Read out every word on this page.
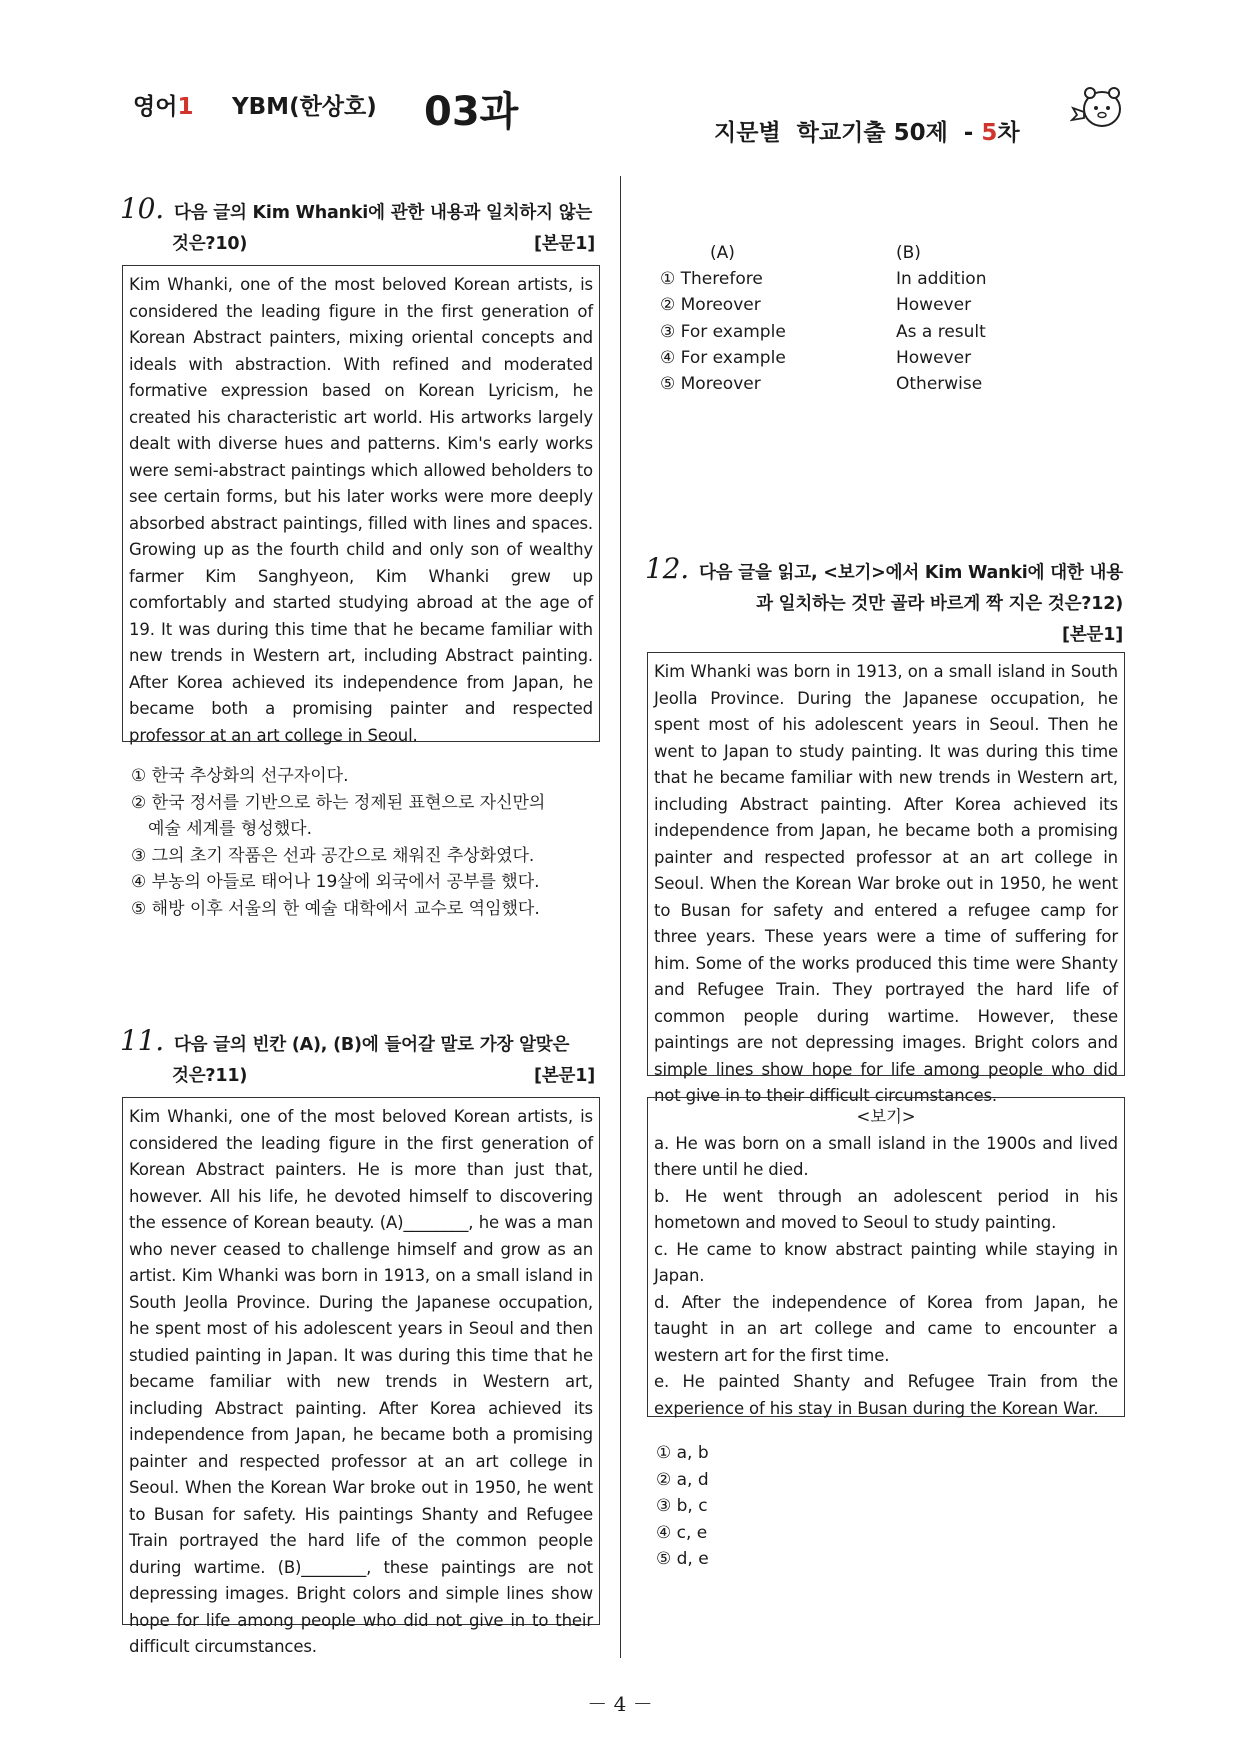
영어1 YBM(한상호) 03과	지문별  학교기출 50제  - 5차

10. 다음 글의 Kim Whanki에 관한 내용과 일치하지 않는
것은?10)	[본문1]
Kim Whanki, one of the most beloved Korean artists, is considered the leading figure in the first generation of Korean Abstract painters, mixing oriental concepts and ideals with abstraction. With refined and moderated formative expression based on Korean Lyricism, he created his characteristic art world. His artworks largely dealt with diverse hues and patterns. Kim's early works were semi-abstract paintings which allowed beholders to see certain forms, but his later works were more deeply absorbed abstract paintings, filled with lines and spaces. Growing up as the fourth child and only son of wealthy farmer Kim Sanghyeon, Kim Whanki grew up comfortably and started studying abroad at the age of 19. It was during this time that he became familiar with new trends in Western art, including Abstract painting. After Korea achieved its independence from Japan, he became both a promising painter and respected professor at an art college in Seoul.
① 한국 추상화의 선구자이다.
② 한국 정서를 기반으로 하는 정제된 표현으로 자신만의
예술 세계를 형성했다.
③ 그의 초기 작품은 선과 공간으로 채워진 추상화였다.
④ 부농의 아들로 태어나 19살에 외국에서 공부를 했다.
⑤ 해방 이후 서울의 한 예술 대학에서 교수로 역임했다.
11. 다음 글의 빈칸 (A), (B)에 들어갈 말로 가장 알맞은
것은?11)	[본문1]
Kim Whanki, one of the most beloved Korean artists, is considered the leading figure in the first generation of Korean Abstract painters. He is more than just that, however. All his life, he devoted himself to discovering the essence of Korean beauty. (A)________, he was a man who never ceased to challenge himself and grow as an artist. Kim Whanki was born in 1913, on a small island in South Jeolla Province. During the Japanese occupation, he spent most of his adolescent years in Seoul and then studied painting in Japan. It was during this time that he became familiar with new trends in Western art, including Abstract painting. After Korea achieved its independence from Japan, he became both a promising painter and respected professor at an art college in Seoul. When the Korean War broke out in 1950, he went to Busan for safety. His paintings Shanty and Refugee Train portrayed the hard life of the common people during wartime. (B)________, these paintings are not depressing images. Bright colors and simple lines show hope for life among people who did not give in to their difficult circumstances.
(A)	(B)
① Therefore	In addition
② Moreover	However
③ For example	As a result
④ For example	However
⑤ Moreover	Otherwise
12. 다음 글을 읽고, <보기>에서 Kim Wanki에 대한 내용
과 일치하는 것만 골라 바르게 짝 지은 것은?12)
[본문1]
Kim Whanki was born in 1913, on a small island in South Jeolla Province. During the Japanese occupation, he spent most of his adolescent years in Seoul. Then he went to Japan to study painting. It was during this time that he became familiar with new trends in Western art, including Abstract painting. After Korea achieved its independence from Japan, he became both a promising painter and respected professor at an art college in Seoul. When the Korean War broke out in 1950, he went to Busan for safety and entered a refugee camp for three years. These years were a time of suffering for him. Some of the works produced this time were Shanty and Refugee Train. They portrayed the hard life of common people during wartime. However, these paintings are not depressing images. Bright colors and simple lines show hope for life among people who did not give in to their difficult circumstances.
<보기>
a. He was born on a small island in the 1900s and lived there until he died.
b. He went through an adolescent period in his hometown and moved to Seoul to study painting.
c. He came to know abstract painting while staying in Japan.
d. After the independence of Korea from Japan, he taught in an art college and came to encounter a western art for the first time.
e. He painted Shanty and Refugee Train from the experience of his stay in Busan during the Korean War.
① a, b
② a, d
③ b, c
④ c, e
⑤ d, e
－ 4 －
